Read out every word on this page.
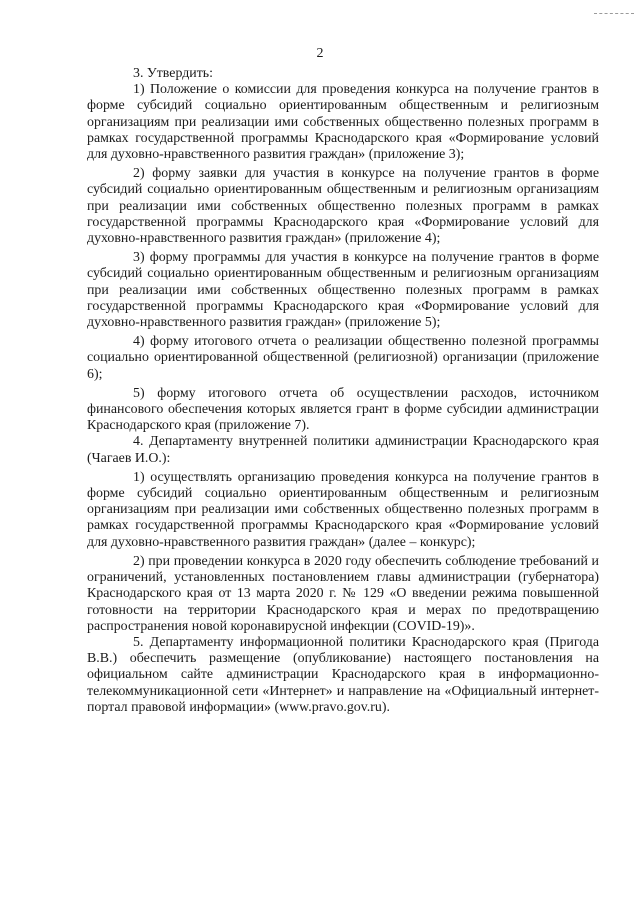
2

3. Утвердить:

1) Положение о комиссии для проведения конкурса на получение грантов в форме субсидий социально ориентированным общественным и религиозным организациям при реализации ими собственных общественно полезных программ в рамках государственной программы Краснодарского края «Формирование условий для духовно-нравственного развития граждан» (приложение 3);

2) форму заявки для участия в конкурсе на получение грантов в форме субсидий социально ориентированным общественным и религиозным организациям при реализации ими собственных общественно полезных программ в рамках государственной программы Краснодарского края «Формирование условий для духовно-нравственного развития граждан» (приложение 4);

3) форму программы для участия в конкурсе на получение грантов в форме субсидий социально ориентированным общественным и религиозным организациям при реализации ими собственных общественно полезных программ в рамках государственной программы Краснодарского края «Формирование условий для духовно-нравственного развития граждан» (приложение 5);

4) форму итогового отчета о реализации общественно полезной программы социально ориентированной общественной (религиозной) организации (приложение 6);

5) форму итогового отчета об осуществлении расходов, источником финансового обеспечения которых является грант в форме субсидии администрации Краснодарского края (приложение 7).

4. Департаменту внутренней политики администрации Краснодарского края (Чагаев И.О.):

1) осуществлять организацию проведения конкурса на получение грантов в форме субсидий социально ориентированным общественным и религиозным организациям при реализации ими собственных общественно полезных программ в рамках государственной программы Краснодарского края «Формирование условий для духовно-нравственного развития граждан» (далее – конкурс);

2) при проведении конкурса в 2020 году обеспечить соблюдение требований и ограничений, установленных постановлением главы администрации (губернатора) Краснодарского края от 13 марта 2020 г. № 129 «О введении режима повышенной готовности на территории Краснодарского края и мерах по предотвращению распространения новой коронавирусной инфекции (COVID-19)».

5. Департаменту информационной политики Краснодарского края (Пригода В.В.) обеспечить размещение (опубликование) настоящего постановления на официальном сайте администрации Краснодарского края в информационно-телекоммуникационной сети «Интернет» и направление на «Официальный интернет-портал правовой информации» (www.pravo.gov.ru).
